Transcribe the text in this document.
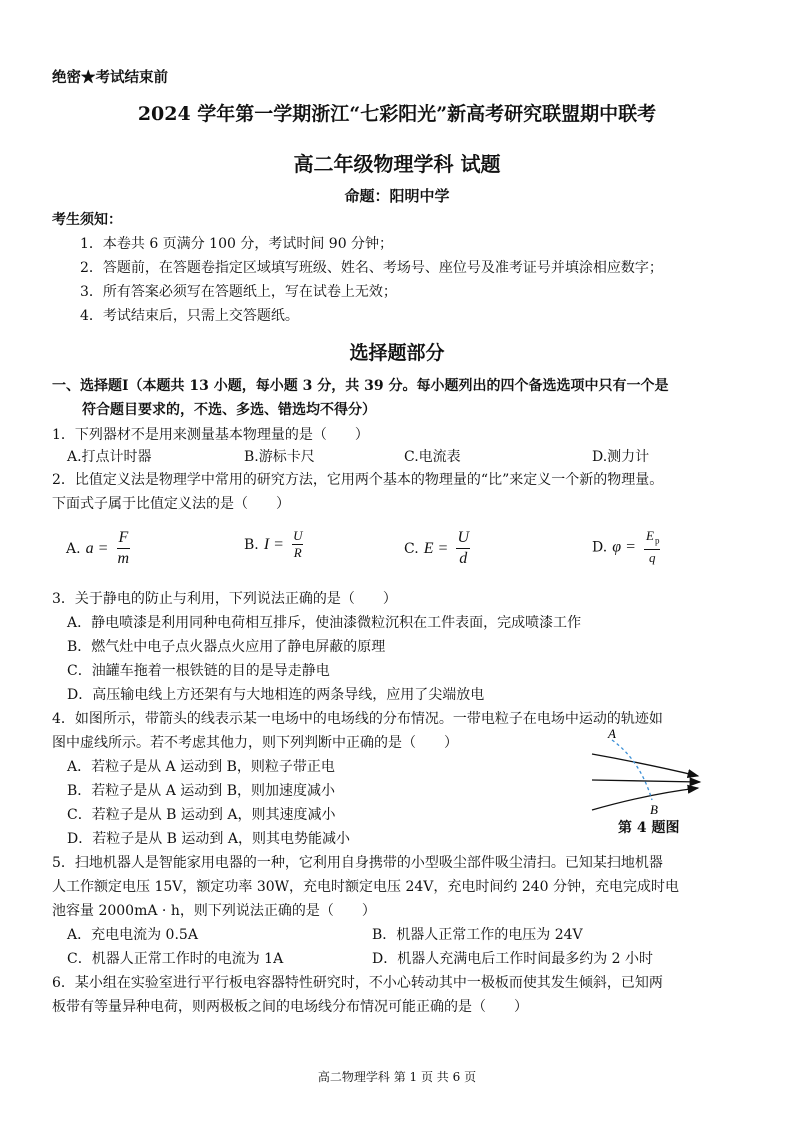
绝密★考试结束前
2024 学年第一学期浙江“七彩阳光”新高考研究联盟期中联考
高二年级物理学科 试题
命题：阳明中学
考生须知：
1．本卷共 6 页满分 100 分，考试时间 90 分钟；
2．答题前，在答题卷指定区域填写班级、姓名、考场号、座位号及准考证号并填涂相应数字；
3．所有答案必须写在答题纸上，写在试卷上无效；
4．考试结束后，只需上交答题纸。
选择题部分
一、选择题Ⅰ（本题共 13 小题，每小题 3 分，共 39 分。每小题列出的四个备选选项中只有一个是
符合题目要求的，不选、多选、错选均不得分）
1．下列器材不是用来测量基本物理量的是（　　）
A.打点计时器	B.游标卡尺	C.电流表	D.测力计
2．比值定义法是物理学中常用的研究方法，它用两个基本的物理量的“比”来定义一个新的物理量。
下面式子属于比值定义法的是（　　）
A. $a = \frac{F}{m}$	B. $I = \frac{U}{R}$	C. $E = \frac{U}{d}$	D. $\varphi = \frac{E_p}{q}$
3．关于静电的防止与利用，下列说法正确的是（　　）
A．静电喷漆是利用同种电荷相互排斥，使油漆微粒沉积在工件表面，完成喷漆工作
B．燃气灶中电子点火器点火应用了静电屏蔽的原理
C．油罐车拖着一根铁链的目的是导走静电
D．高压输电线上方还架有与大地相连的两条导线，应用了尖端放电
4．如图所示，带箭头的线表示某一电场中的电场线的分布情况。一带电粒子在电场中运动的轨迹如
图中虚线所示。若不考虑其他力，则下列判断中正确的是（　　）
A．若粒子是从 A 运动到 B，则粒子带正电
B．若粒子是从 A 运动到 B，则加速度减小
C．若粒子是从 B 运动到 A，则其速度减小
D．若粒子是从 B 运动到 A，则其电势能减小
A
B
第 4 题图
5．扫地机器人是智能家用电器的一种，它利用自身携带的小型吸尘部件吸尘清扫。已知某扫地机器
人工作额定电压 15V，额定功率 30W，充电时额定电压 24V，充电时间约 240 分钟，充电完成时电
池容量 2000mA · h，则下列说法正确的是（　　）
A．充电电流为 0.5A	B．机器人正常工作的电压为 24V
C．机器人正常工作时的电流为 1A	D．机器人充满电后工作时间最多约为 2 小时
6．某小组在实验室进行平行板电容器特性研究时，不小心转动其中一极板而使其发生倾斜，已知两
板带有等量异种电荷，则两极板之间的电场线分布情况可能正确的是（　　）
高二物理学科 第 1 页 共 6 页
